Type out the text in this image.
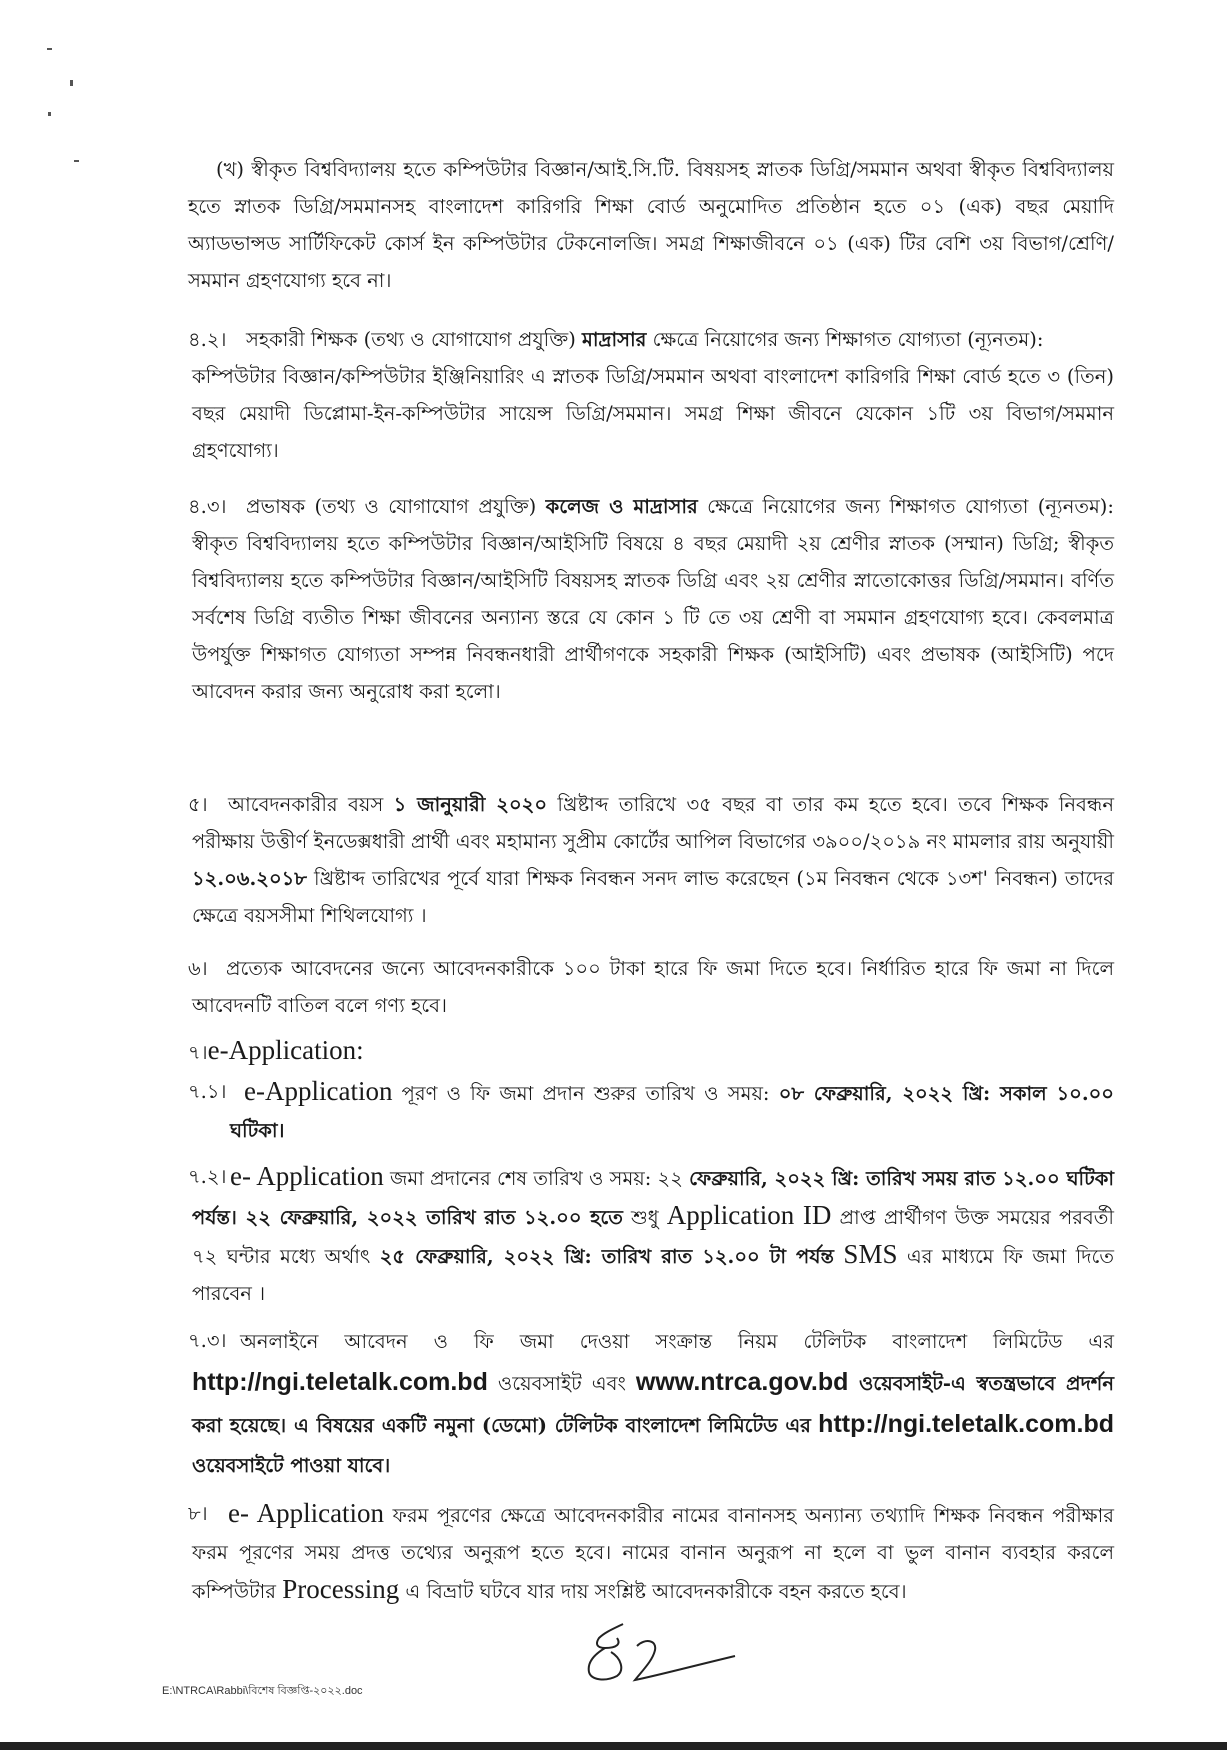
(খ) স্বীকৃত বিশ্ববিদ্যালয় হতে কম্পিউটার বিজ্ঞান/আই.সি.টি. বিষয়সহ স্নাতক ডিগ্রি/সমমান অথবা স্বীকৃত বিশ্ববিদ্যালয় হতে স্নাতক ডিগ্রি/সমমানসহ বাংলাদেশ কারিগরি শিক্ষা বোর্ড অনুমোদিত প্রতিষ্ঠান হতে ০১ (এক) বছর মেয়াদি অ্যাডভান্সড সার্টিফিকেট কোর্স ইন কম্পিউটার টেকনোলজি। সমগ্র শিক্ষাজীবনে ০১ (এক) টির বেশি ৩য় বিভাগ/শ্রেণি/সমমান গ্রহণযোগ্য হবে না।

৪.২। সহকারী শিক্ষক (তথ্য ও যোগাযোগ প্রযুক্তি) মাদ্রাসার ক্ষেত্রে নিয়োগের জন্য শিক্ষাগত যোগ্যতা (ন্যূনতম):

কম্পিউটার বিজ্ঞান/কম্পিউটার ইঞ্জিনিয়ারিং এ স্নাতক ডিগ্রি/সমমান অথবা বাংলাদেশ কারিগরি শিক্ষা বোর্ড হতে ৩ (তিন) বছর মেয়াদী ডিপ্লোমা-ইন-কম্পিউটার সায়েন্স ডিগ্রি/সমমান। সমগ্র শিক্ষা জীবনে যেকোন ১টি ৩য় বিভাগ/সমমান গ্রহণযোগ্য।

৪.৩। প্রভাষক (তথ্য ও যোগাযোগ প্রযুক্তি) কলেজ ও মাদ্রাসার ক্ষেত্রে নিয়োগের জন্য শিক্ষাগত যোগ্যতা (ন্যূনতম): স্বীকৃত বিশ্ববিদ্যালয় হতে কম্পিউটার বিজ্ঞান/আইসিটি বিষয়ে ৪ বছর মেয়াদী ২য় শ্রেণীর স্নাতক (সম্মান) ডিগ্রি; স্বীকৃত বিশ্ববিদ্যালয় হতে কম্পিউটার বিজ্ঞান/আইসিটি বিষয়সহ স্নাতক ডিগ্রি এবং ২য় শ্রেণীর স্নাতোকোত্তর ডিগ্রি/সমমান। বর্ণিত সর্বশেষ ডিগ্রি ব্যতীত শিক্ষা জীবনের অন্যান্য স্তরে যে কোন ১ টি তে ৩য় শ্রেণী বা সমমান গ্রহণযোগ্য হবে। কেবলমাত্র উপর্যুক্ত শিক্ষাগত যোগ্যতা সম্পন্ন নিবন্ধনধারী প্রার্থীগণকে সহকারী শিক্ষক (আইসিটি) এবং প্রভাষক (আইসিটি) পদে আবেদন করার জন্য অনুরোধ করা হলো।

৫।	আবেদনকারীর বয়স ১ জানুয়ারী ২০২০ খ্রিষ্টাব্দ তারিখে ৩৫ বছর বা তার কম হতে হবে। তবে শিক্ষক নিবন্ধন পরীক্ষায় উত্তীর্ণ ইনডেক্সধারী প্রার্থী এবং মহামান্য সুপ্রীম কোর্টের আপিল বিভাগের ৩৯০০/২০১৯ নং মামলার রায় অনুযায়ী ১২.০৬.২০১৮ খ্রিষ্টাব্দ তারিখের পূর্বে যারা শিক্ষক নিবন্ধন সনদ লাভ করেছেন (১ম নিবন্ধন থেকে ১৩শ' নিবন্ধন) তাদের ক্ষেত্রে বয়সসীমা শিথিলযোগ্য ।

৬। প্রত্যেক আবেদনের জন্যে আবেদনকারীকে ১০০ টাকা হারে ফি জমা দিতে হবে। নির্ধারিত হারে ফি জমা না দিলে আবেদনটি বাতিল বলে গণ্য হবে।

৭।e-Application:

৭.১। e-Application পূরণ ও ফি জমা প্রদান শুরুর তারিখ ও সময়: ০৮ ফেব্রুয়ারি, ২০২২ খ্রি: সকাল ১০.০০ ঘটিকা।

৭.২। e- Application জমা প্রদানের শেষ তারিখ ও সময়: ২২ ফেব্রুয়ারি, ২০২২ খ্রি: তারিখ সময় রাত ১২.০০ ঘটিকা পর্যন্ত। ২২ ফেব্রুয়ারি, ২০২২ তারিখ রাত ১২.০০ হতে শুধু Application ID প্রাপ্ত প্রার্থীগণ উক্ত সময়ের পরবর্তী ৭২ ঘন্টার মধ্যে অর্থাৎ ২৫ ফেব্রুয়ারি, ২০২২ খ্রি: তারিখ রাত ১২.০০ টা পর্যন্ত SMS এর মাধ্যমে ফি জমা দিতে পারবেন ।

৭.৩। অনলাইনে আবেদন ও ফি জমা দেওয়া সংক্রান্ত নিয়ম টেলিটক বাংলাদেশ লিমিটেড এর http://ngi.teletalk.com.bd ওয়েবসাইট এবং www.ntrca.gov.bd ওয়েবসাইট-এ স্বতন্ত্রভাবে প্রদর্শন করা হয়েছে। এ বিষয়ের একটি নমুনা (ডেমো) টেলিটক বাংলাদেশ লিমিটেড এর http://ngi.teletalk.com.bd ওয়েবসাইটে পাওয়া যাবে।

৮। e- Application ফরম পূরণের ক্ষেত্রে আবেদনকারীর নামের বানানসহ অন্যান্য তথ্যাদি শিক্ষক নিবন্ধন পরীক্ষার ফরম পূরণের সময় প্রদত্ত তথ্যের অনুরূপ হতে হবে। নামের বানান অনুরূপ না হলে বা ভুল বানান ব্যবহার করলে কম্পিউটার Processing এ বিভ্রাট ঘটবে যার দায় সংশ্লিষ্ট আবেদনকারীকে বহন করতে হবে।

E:\NTRCA\Rabbi\বিশেষ বিজ্ঞপ্তি-২০২২.doc
